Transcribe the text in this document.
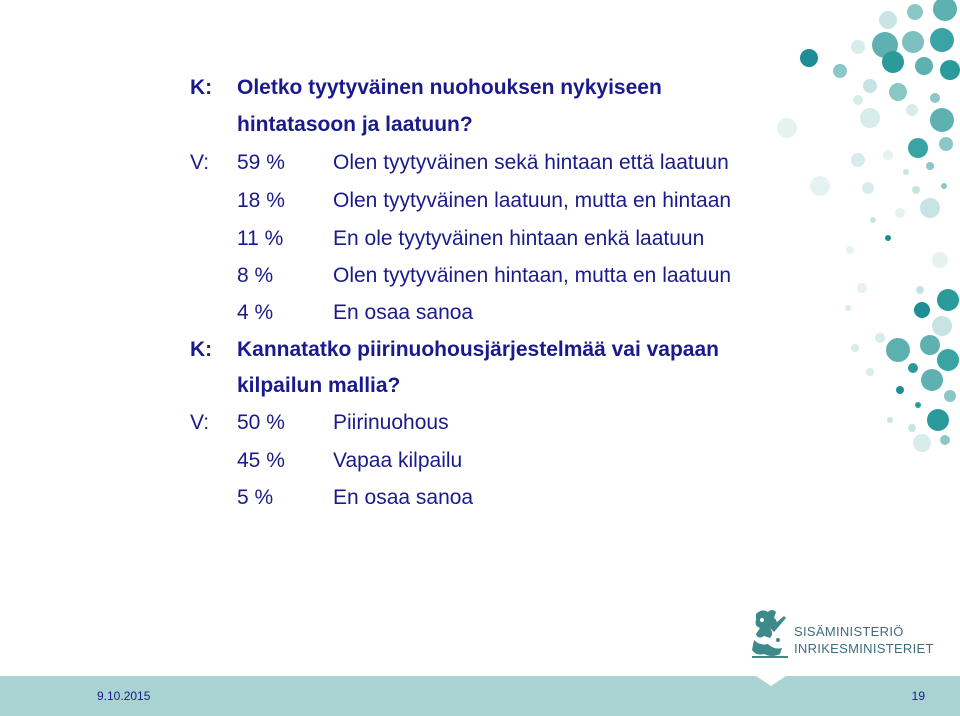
K: Oletko tyytyväinen nuohouksen nykyiseen
hintatasoon ja laatuun?
V: 59 % Olen tyytyväinen sekä hintaan että laatuun
18 % Olen tyytyväinen laatuun, mutta en hintaan
11 % En ole tyytyväinen hintaan enkä laatuun
8 %	Olen tyytyväinen hintaan, mutta en laatuun
4 %	En osaa sanoa
K: Kannatatko piirinuohousjärjestelmää vai vapaan
kilpailun mallia?
V: 50 % Piirinuohous
45 % Vapaa kilpailu
5 %	En osaa sanoa
SISÄMINISTERIÖ
INRIKESMINISTERIET
9.10.2015	19
